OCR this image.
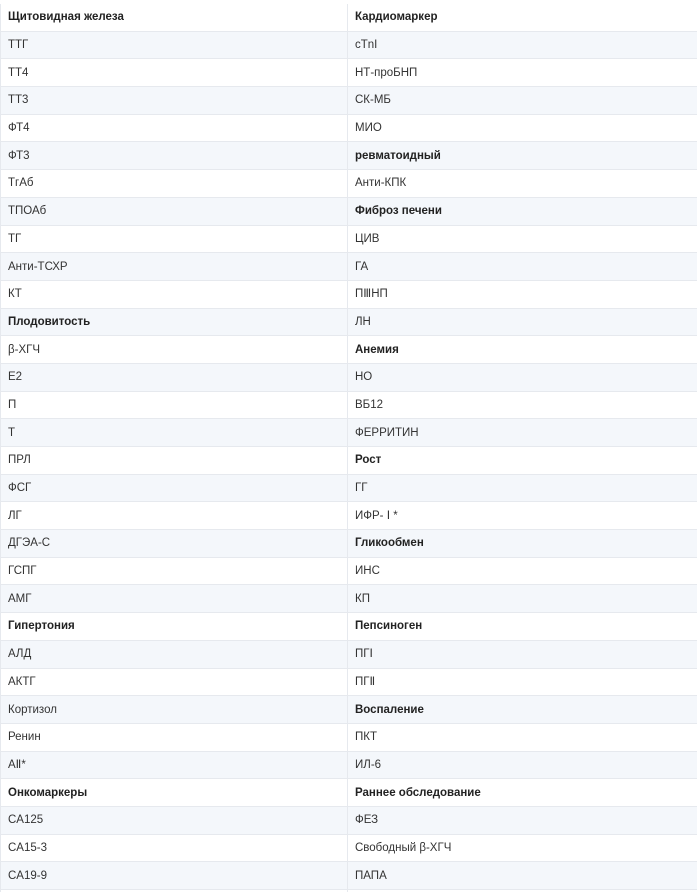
Щитовидная железа	Кардиомаркер
ТТГ	cTnI
ТТ4	НТ-проБНП
ТТ3	СК-МБ
ФТ4	МИО
ФТ3	ревматоидный
ТгАб	Анти-КПК
ТПОАб	Фиброз печени
ТГ	ЦИВ
Анти-ТСХР	ГА
КТ	ПⅢНП
Плодовитость	ЛН
β-ХГЧ	Анемия
Е2	НО
П	ВБ12
Т	ФЕРРИТИН
ПРЛ	Рост
ФСГ	ГГ
ЛГ	ИФР- Ⅰ *
ДГЭА-С	Гликообмен
ГСПГ	ИНС
АМГ	КП
Гипертония	Пепсиноген
АЛД	ПГⅠ
АКТГ	ПГⅡ
Кортизол	Воспаление
Ренин	ПКТ
AⅡ*	ИЛ-6
Онкомаркеры	Раннее обследование
CA125	ФЕЗ
CA15-3	Свободный β-ХГЧ
CA19-9	ПАПА
